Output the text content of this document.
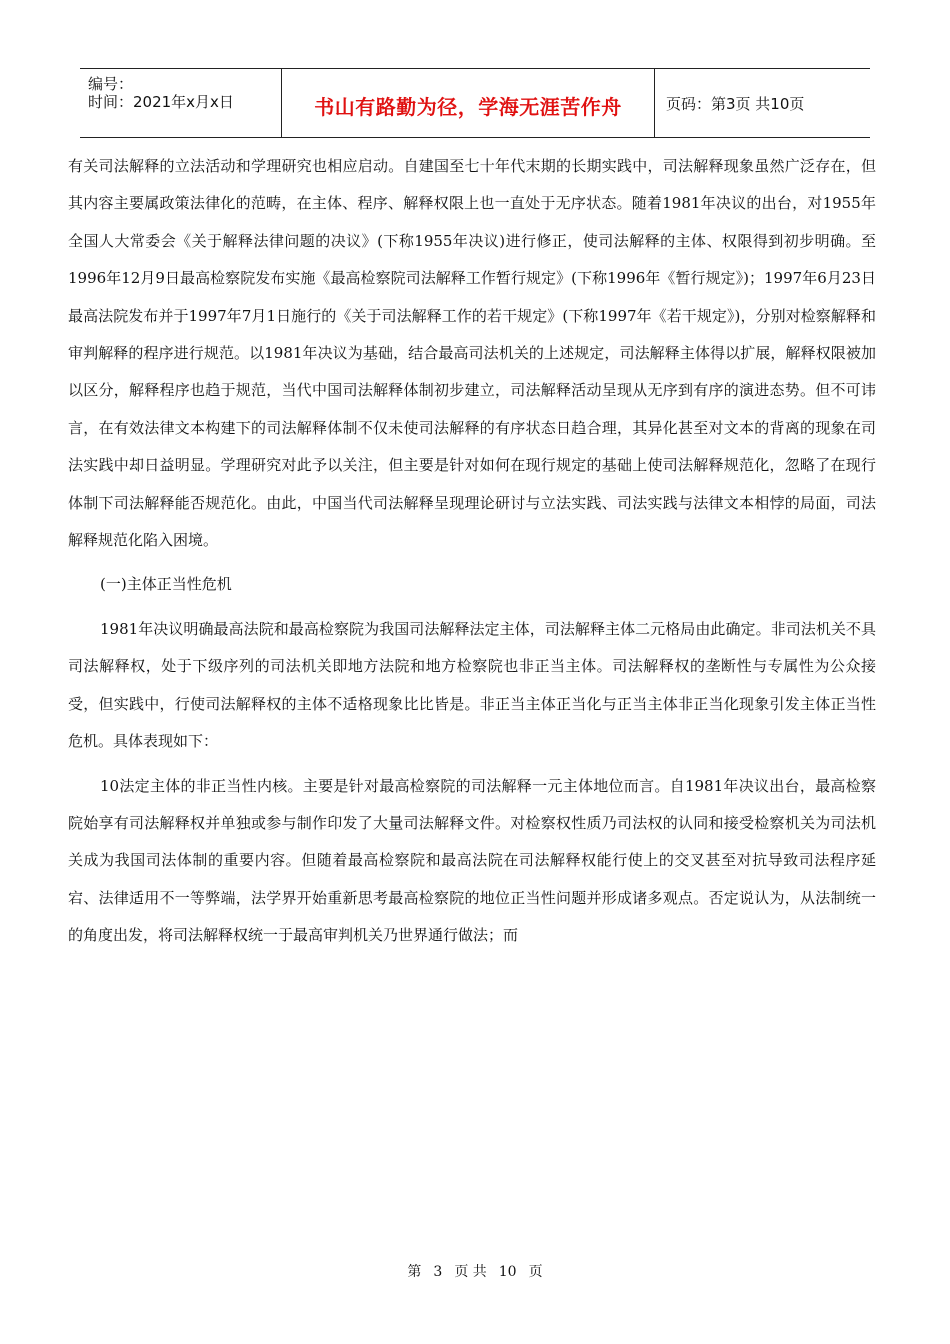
编号：
时间：2021年x月x日	书山有路勤为径，学海无涯苦作舟	页码：第3页 共10页

有关司法解释的立法活动和学理研究也相应启动。自建国至七十年代末期的长期实践中，司法解释现象虽然广泛存在，但其内容主要属政策法律化的范畴，在主体、程序、解释权限上也一直处于无序状态。随着1981年决议的出台，对1955年全国人大常委会《关于解释法律问题的决议》(下称1955年决议)进行修正，使司法解释的主体、权限得到初步明确。至1996年12月9日最高检察院发布实施《最高检察院司法解释工作暂行规定》(下称1996年《暂行规定》)；1997年6月23日最高法院发布并于1997年7月1日施行的《关于司法解释工作的若干规定》(下称1997年《若干规定》)，分别对检察解释和审判解释的程序进行规范。以1981年决议为基础，结合最高司法机关的上述规定，司法解释主体得以扩展，解释权限被加以区分，解释程序也趋于规范，当代中国司法解释体制初步建立，司法解释活动呈现从无序到有序的演进态势。但不可讳言，在有效法律文本构建下的司法解释体制不仅未使司法解释的有序状态日趋合理，其异化甚至对文本的背离的现象在司法实践中却日益明显。学理研究对此予以关注，但主要是针对如何在现行规定的基础上使司法解释规范化，忽略了在现行体制下司法解释能否规范化。由此，中国当代司法解释呈现理论研讨与立法实践、司法实践与法律文本相悖的局面，司法解释规范化陷入困境。

(一)主体正当性危机

1981年决议明确最高法院和最高检察院为我国司法解释法定主体，司法解释主体二元格局由此确定。非司法机关不具司法解释权，处于下级序列的司法机关即地方法院和地方检察院也非正当主体。司法解释权的垄断性与专属性为公众接受，但实践中，行使司法解释权的主体不适格现象比比皆是。非正当主体正当化与正当主体非正当化现象引发主体正当性危机。具体表现如下：

10法定主体的非正当性内核。主要是针对最高检察院的司法解释一元主体地位而言。自1981年决议出台，最高检察院始享有司法解释权并单独或参与制作印发了大量司法解释文件。对检察权性质乃司法权的认同和接受检察机关为司法机关成为我国司法体制的重要内容。但随着最高检察院和最高法院在司法解释权能行使上的交叉甚至对抗导致司法程序延宕、法律适用不一等弊端，法学界开始重新思考最高检察院的地位正当性问题并形成诸多观点。否定说认为，从法制统一的角度出发，将司法解释权统一于最高审判机关乃世界通行做法；而

第 3 页 共 10 页
